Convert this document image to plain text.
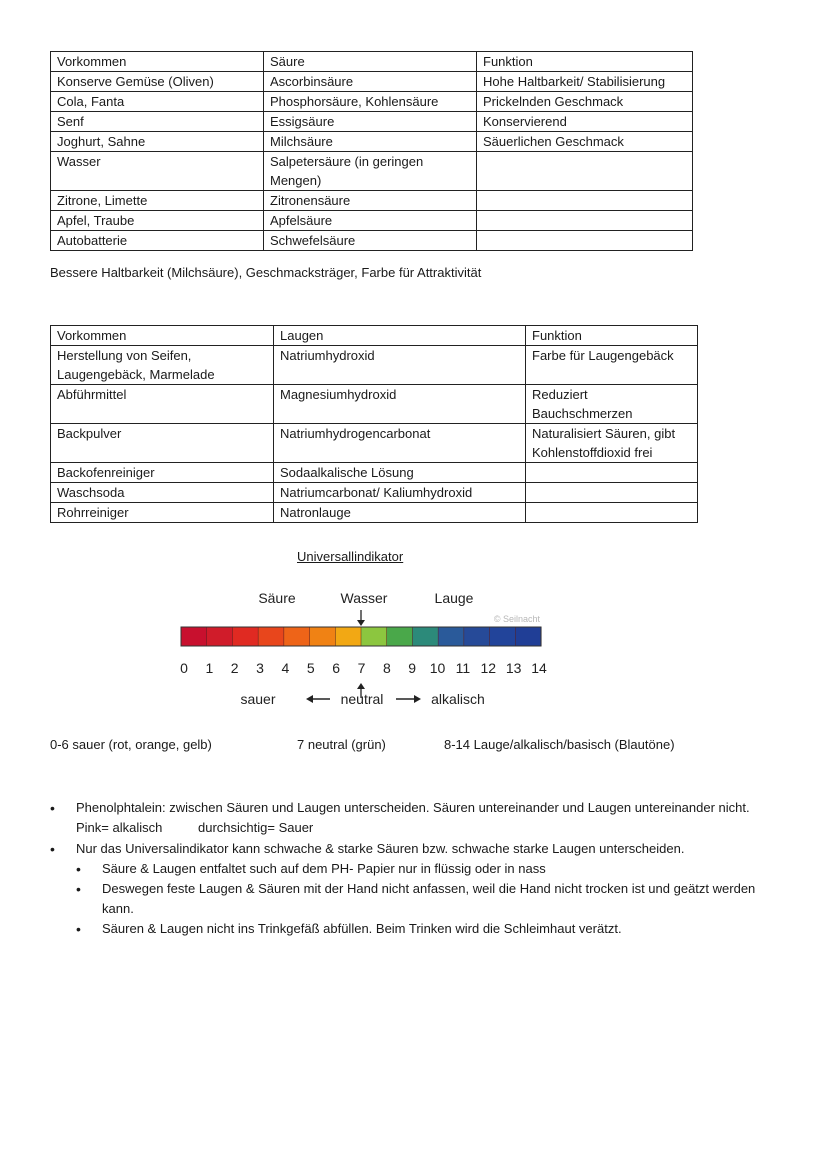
Vorkommen	Säure	Funktion
Konserve Gemüse (Oliven)	Ascorbinsäure	Hohe Haltbarkeit/ Stabilisierung
Cola, Fanta	Phosphorsäure, Kohlensäure	Prickelnden Geschmack
Senf	Essigsäure	Konservierend
Joghurt, Sahne	Milchsäure	Säuerlichen Geschmack
Wasser	Salpetersäure (in geringen Mengen)	
Zitrone, Limette	Zitronensäure	
Apfel, Traube	Apfelsäure	
Autobatterie	Schwefelsäure	
Bessere Haltbarkeit (Milchsäure), Geschmacksträger, Farbe für Attraktivität
Vorkommen	Laugen	Funktion
Herstellung von Seifen, Laugengebäck, Marmelade	Natriumhydroxid	Farbe für Laugengebäck
Abführmittel	Magnesiumhydroxid	Reduziert Bauchschmerzen
Backpulver	Natriumhydrogencarbonat	Naturalisiert Säuren, gibt Kohlenstoffdioxid frei
Backofenreiniger	Sodaalkalische Lösung	
Waschsoda	Natriumcarbonat/ Kaliumhydroxid	
Rohrreiniger	Natronlauge	
Universallindikator
Säure	Wasser	Lauge
© Seilnacht
0 1 2 3 4 5 6 7 8 9 10 11 12 13 14
sauer	neutral	alkalisch
0-6 sauer (rot, orange, gelb)	7 neutral (grün)	8-14 Lauge/alkalisch/basisch (Blautöne)
• Phenolphtalein: zwischen Säuren und Laugen unterscheiden. Säuren untereinander und Laugen untereinander nicht.
Pink= alkalisch	durchsichtig= Sauer
• Nur das Universalindikator kann schwache & starke Säuren bzw. schwache starke Laugen unterscheiden.
• Säure & Laugen entfaltet such auf dem PH- Papier nur in flüssig oder in nass
• Deswegen feste Laugen & Säuren mit der Hand nicht anfassen, weil die Hand nicht trocken ist und geätzt werden kann.
• Säuren & Laugen nicht ins Trinkgefäß abfüllen. Beim Trinken wird die Schleimhaut verätzt.
